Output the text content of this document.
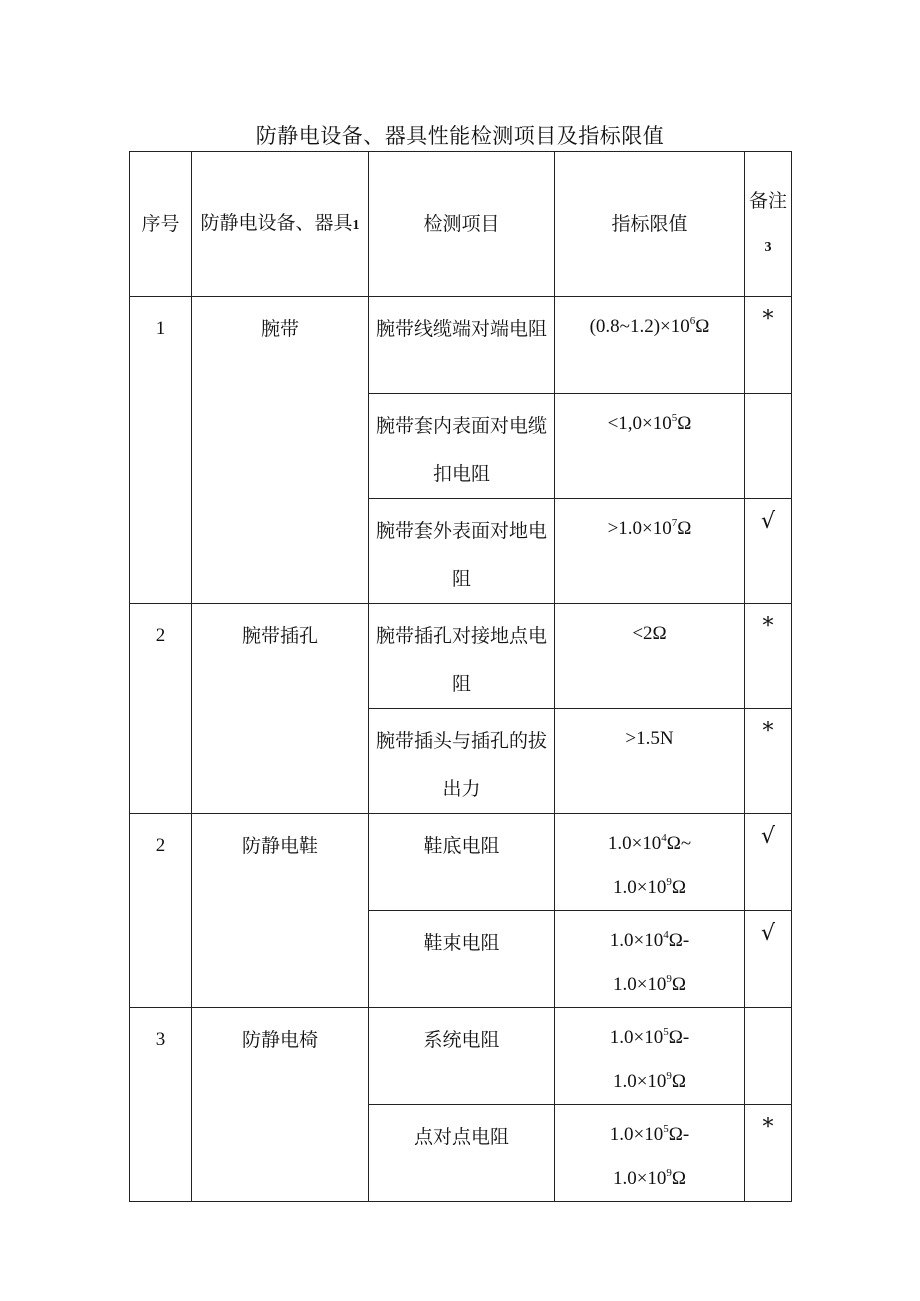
防静电设备、器具性能检测项目及指标限值
序号	防静电设备、器具1	检测项目	指标限值	备注3
1	腕带	腕带线缆端对端电阻	$(0.8\sim 1.2)\times 10^6\Omega$	*

		腕带套内表面对电缆扣电阻	$<1,0\times 10^5\Omega$	

		腕带套外表面对地电阻	$>1.0\times 10^7\Omega$	√

2	腕带插孔	腕带插孔对接地点电阻	<2Ω	*

		腕带插头与插孔的拔出力	>1.5N	*

2	防静电鞋	鞋底电阻	$1.0\times 10^4\Omega\sim$
$1.0\times 10^9\Omega$	√

		鞋束电阻	$1.0\times 10^4\Omega-$
$1.0\times 10^9\Omega$	√

3	防静电椅	系统电阻	$1.0\times 10^5\Omega-$
$1.0\times 10^9\Omega$	

		点对点电阻	$1.0\times 10^5\Omega-$
$1.0\times 10^9\Omega$	*
